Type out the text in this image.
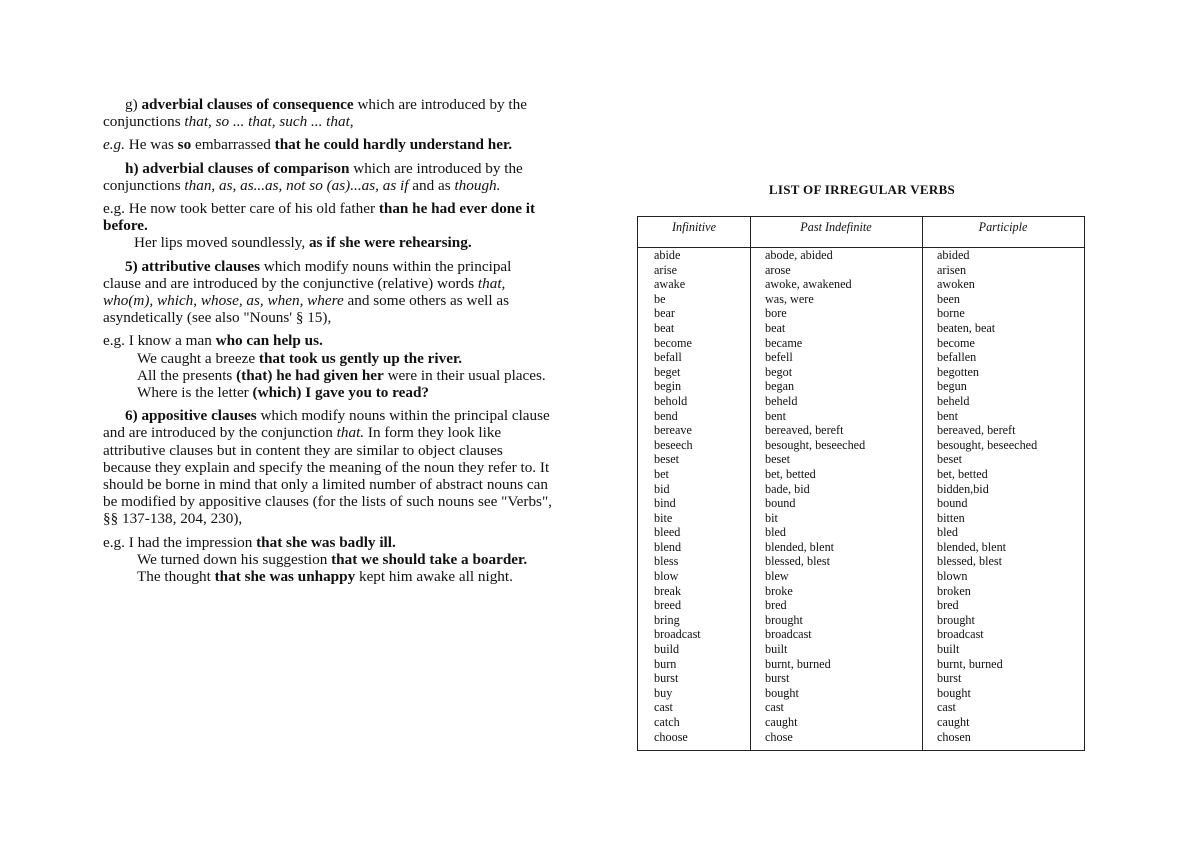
g) adverbial clauses of consequence which are introduced by the conjunctions that, so ... that, such ... that,

e.g. He was so embarrassed that he could hardly understand her.

h) adverbial clauses of comparison which are introduced by the conjunctions than, as, as...as, not so (as)...as, as if and as though.

e.g. He now took better care of his old father than he had ever done it before.

Her lips moved soundlessly, as if she were rehearsing.

5) attributive clauses which modify nouns within the principal clause and are introduced by the conjunctive (relative) words that, who(m), which, whose, as, when, where and some others as well as asyndetically (see also "Nouns' § 15),

e.g. I know a man who can help us.

We caught a breeze that took us gently up the river.

All the presents (that) he had given her were in their usual places.

Where is the letter (which) I gave you to read?

6) appositive clauses which modify nouns within the principal clause and are introduced by the conjunction that. In form they look like attributive clauses but in content they are similar to object clauses because they explain and specify the meaning of the noun they refer to. It should be borne in mind that only a limited number of abstract nouns can be modified by appositive clauses (for the lists of such nouns see "Verbs", §§ 137-138, 204, 230),

e.g. I had the impression that she was badly ill.

We turned down his suggestion that we should take a boarder.

The thought that she was unhappy kept him awake all night.

LIST OF IRREGULAR VERBS
Infinitive	Past Indefinite	Participle
abide
arise
awake
be
bear
beat
become
befall
beget
begin
behold
bend
bereave
beseech
beset
bet
bid
bind
bite
bleed
blend
bless
blow
break
breed
bring
broadcast
build
burn
burst
buy
cast
catch
choose
abode, abided
arose
awoke, awakened
was, were
bore
beat
became
befell
begot
began
beheld
bent
bereaved, bereft
besought, beseeched
beset
bet, betted
bade, bid
bound
bit
bled
blended, blent
blessed, blest
blew
broke
bred
brought
broadcast
built
burnt, burned
burst
bought
cast
caught
chose
abided
arisen
awoken
been
borne
beaten, beat
become
befallen
begotten
begun
beheld
bent
bereaved, bereft
besought, beseeched
beset
bet, betted
bidden,bid
bound
bitten
bled
blended, blent
blessed, blest
blown
broken
bred
brought
broadcast
built
burnt, burned
burst
bought
cast
caught
chosen
